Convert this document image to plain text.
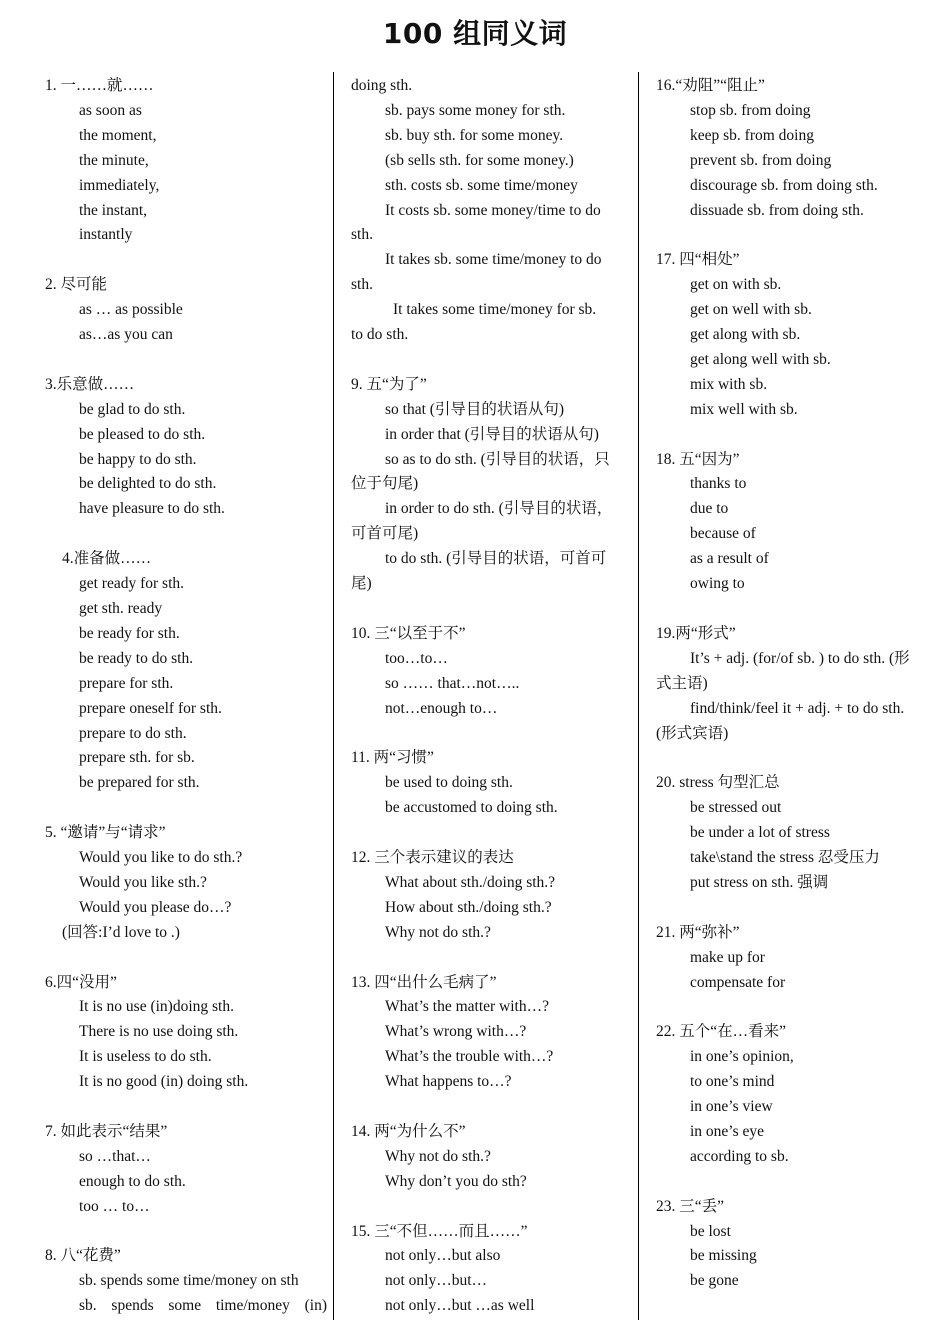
100 组同义词
1. 一……就……
as soon as
the moment,
the minute,
immediately,
the instant,
instantly
2. 尽可能
as … as possible
as…as you can
3.乐意做……
be glad to do sth.
be pleased to do sth.
be happy to do sth.
be delighted to do sth.
have pleasure to do sth.
4.准备做……
get ready for sth.
get sth. ready
be ready for sth.
be ready to do sth.
prepare for sth.
prepare oneself for sth.
prepare to do sth.
prepare sth. for sb.
be prepared for sth.
5. “邀请”与“请求”
Would you like to do sth.?
Would you like sth.?
Would you please do…?
(回答:I’d love to .)
6.四“没用”
It is no use (in)doing sth.
There is no use doing sth.
It is useless to do sth.
It is no good (in) doing sth.
7. 如此表示“结果”
so …that…
enough to do sth.
too … to…
8. 八“花费”
sb. spends some time/money on sth
sb. spends some time/money (in)
doing sth.
sb. pays some money for sth.
sb. buy sth. for some money.
(sb sells sth. for some money.)
sth. costs sb. some time/money
It costs sb. some money/time to do
sth.
It takes sb. some time/money to do
sth.
It takes some time/money for sb.
to do sth.
9. 五“为了”
so that (引导目的状语从句)
in order that (引导目的状语从句)
so as to do sth. (引导目的状语，只
位于句尾)
in order to do sth. (引导目的状语，
可首可尾)
to do sth. (引导目的状语，可首可
尾)
10. 三“以至于不”
too…to…
so …… that…not…..
not…enough to…
11. 两“习惯”
be used to doing sth.
be accustomed to doing sth.
12. 三个表示建议的表达
What about sth./doing sth.?
How about sth./doing sth.?
Why not do sth.?
13. 四“出什么毛病了”
What’s the matter with…?
What’s wrong with…?
What’s the trouble with…?
What happens to…?
14. 两“为什么不”
Why not do sth.?
Why don’t you do sth?
15. 三“不但……而且……”
not only…but also
not only…but…
not only…but …as well
16.“劝阻”“阻止”
stop sb. from doing
keep sb. from doing
prevent sb. from doing
discourage sb. from doing sth.
dissuade sb. from doing sth.
17. 四“相处”
get on with sb.
get on well with sb.
get along with sb.
get along well with sb.
mix with sb.
mix well with sb.
18. 五“因为”
thanks to
due to
because of
as a result of
owing to
19.两“形式”
It’s + adj. (for/of sb. ) to do sth. (形
式主语)
find/think/feel it + adj. + to do sth.
(形式宾语)
20. stress 句型汇总
be stressed out
be under a lot of stress
take\stand the stress 忍受压力
put stress on sth. 强调
21. 两“弥补”
make up for
compensate for
22. 五个“在…看来”
in one’s opinion,
to one’s mind
in one’s view
in one’s eye
according to sb.
23. 三“丢”
be lost
be missing
be gone
